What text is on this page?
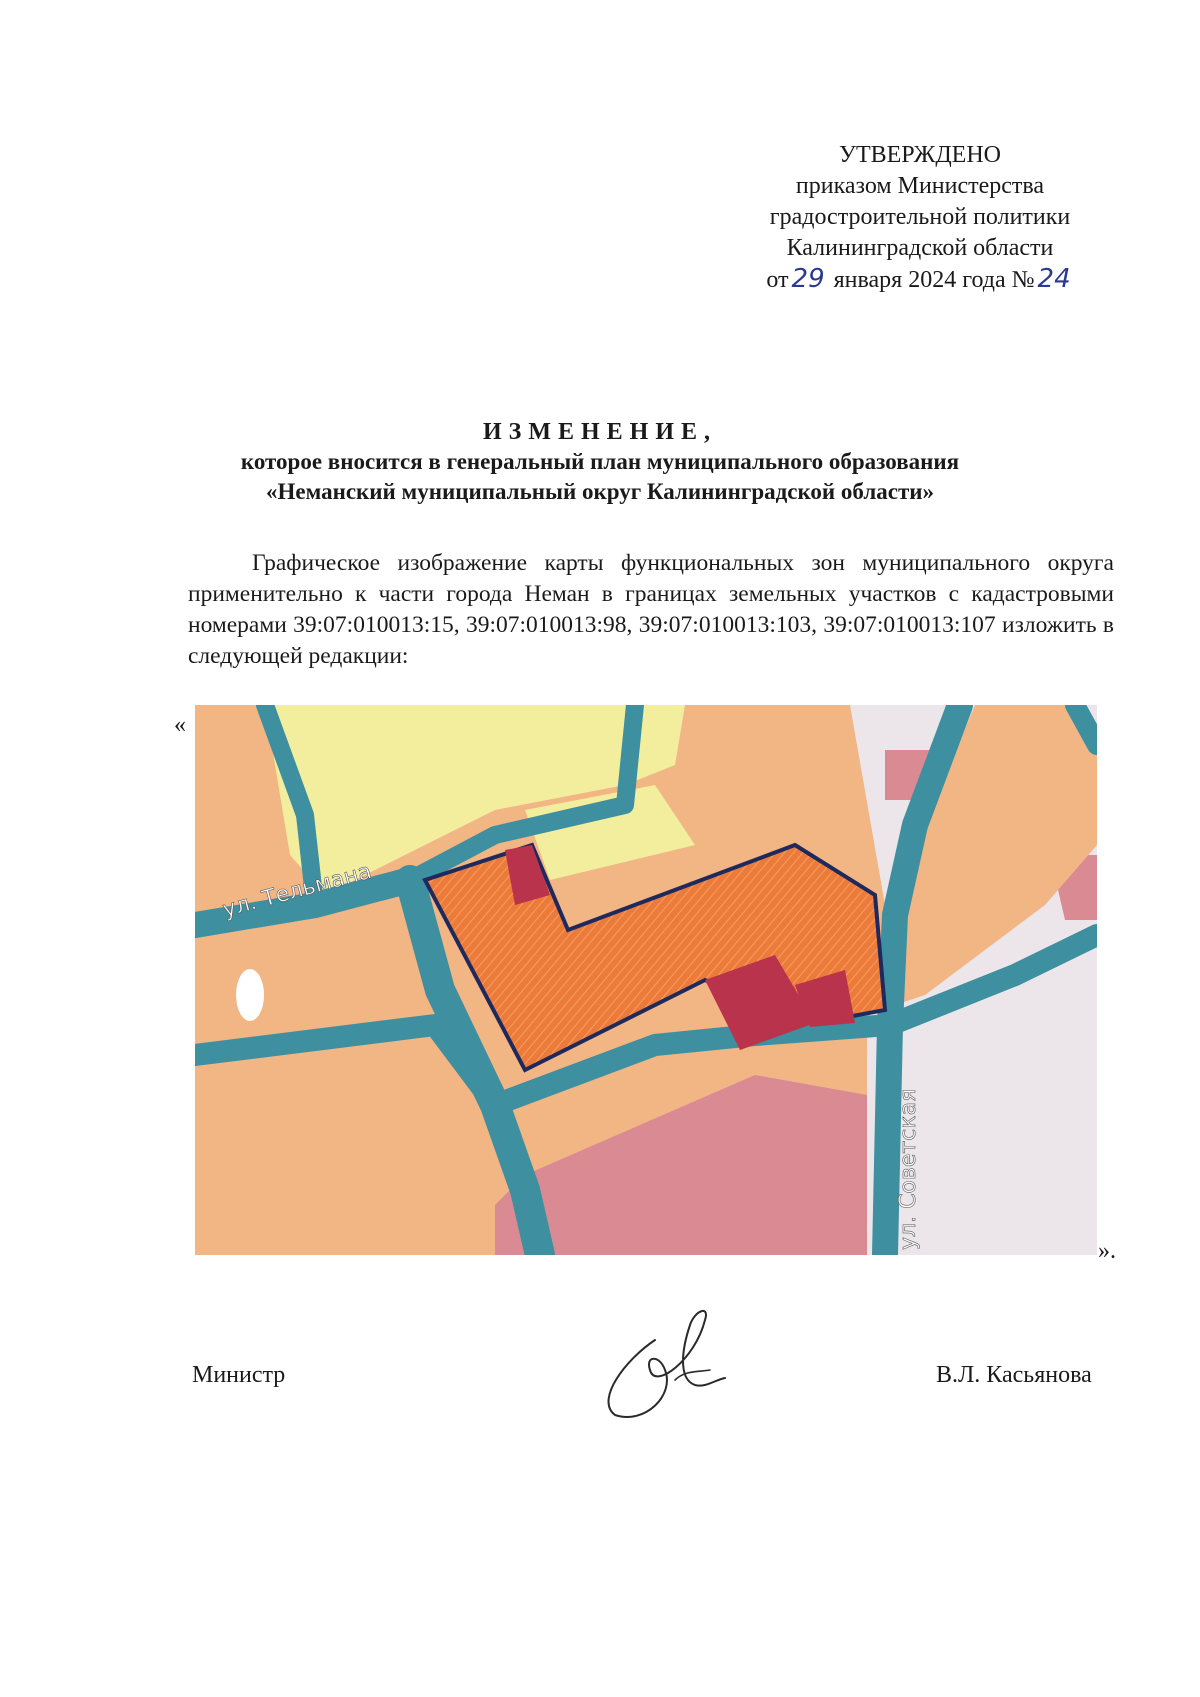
УТВЕРЖДЕНО
приказом Министерства
градостроительной политики
Калининградской области
от 29 января 2024 года № 24
ИЗМЕНЕНИЕ,
которое вносится в генеральный план муниципального образования
«Неманский муниципальный округ Калининградской области»
Графическое изображение карты функциональных зон муниципального округа применительно к части города Неман в границах земельных участков с кадастровыми номерами 39:07:010013:15, 39:07:010013:98, 39:07:010013:103, 39:07:010013:107 изложить в следующей редакции:
«
ул. Тельмана
ул. Советская
».
Министр	В.Л. Касьянова
